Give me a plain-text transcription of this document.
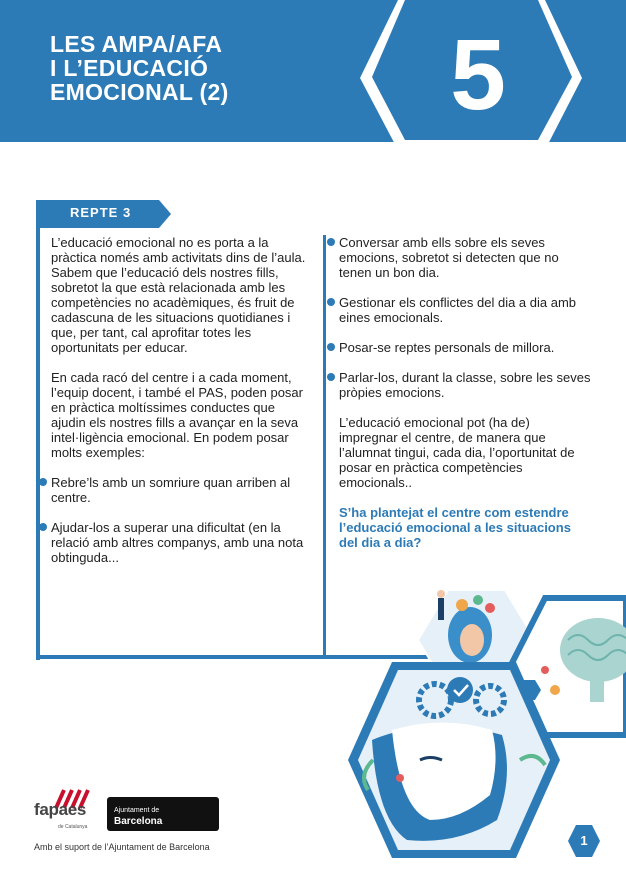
LES AMPA/AFA
I L’EDUCACIÓ
EMOCIONAL (2)	5
REPTE 3

L’educació emocional no es porta a la pràctica només amb activitats dins de l’aula. Sabem que l’educació dels nostres fills, sobretot la que està relacionada amb les competències no acadèmiques, és fruit de cadascuna de les situacions quotidianes i que, per tant, cal aprofitar totes les oportunitats per educar.

En cada racó del centre i a cada moment, l’equip docent, i també el PAS, poden posar en pràctica moltíssimes conductes que ajudin els nostres fills a avançar en la seva intel·ligència emocional. En podem posar molts exemples:

Rebre’ls amb un somriure quan arriben al centre.

Ajudar-los a superar una dificultat (en la relació amb altres companys, amb una nota obtinguda...

Conversar amb ells sobre els seves emocions, sobretot si detecten que no tenen un bon dia.

Gestionar els conflictes del dia a dia amb eines emocionals.

Posar-se reptes personals de millora.

Parlar-los, durant la classe, sobre les seves pròpies emocions.

L’educació emocional pot (ha de) impregnar el centre, de manera que l’alumnat tingui, cada dia, l’oportunitat de posar en pràctica competències emocionals..

S’ha plantejat el centre com estendre l’educació emocional a les situacions del dia a dia?

fapaes
de Catalunya
Ajuntament de
Barcelona
Amb el suport de l’Ajuntament de Barcelona	1
